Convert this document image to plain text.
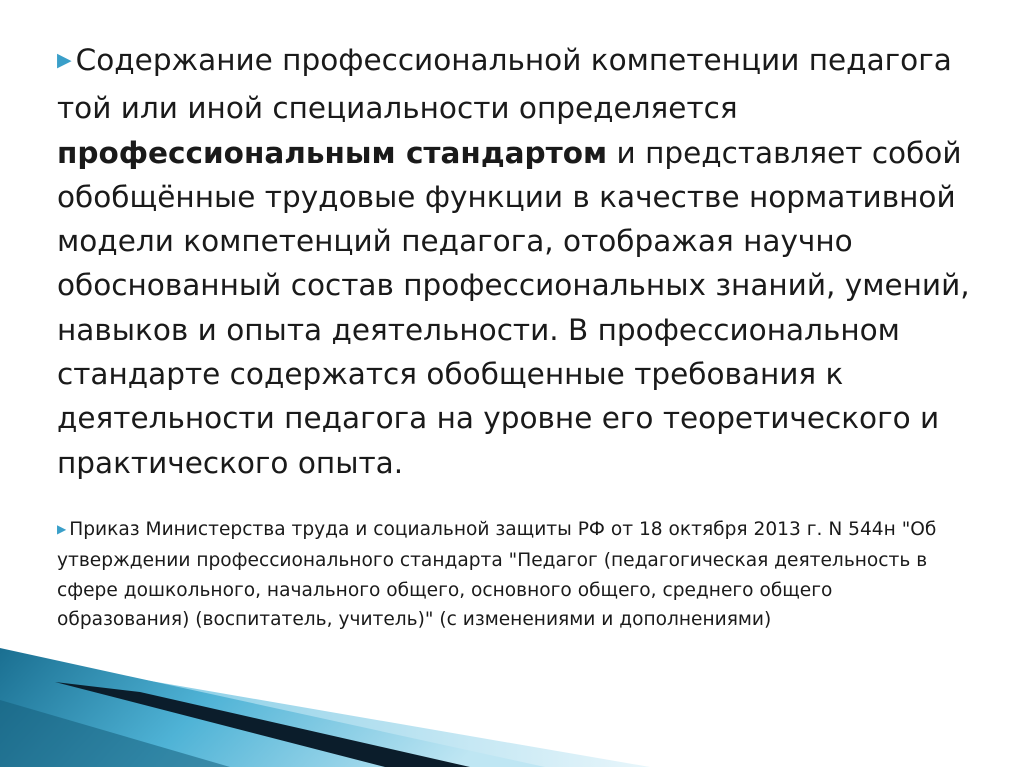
▶ Содержание профессиональной компетенции педагога той или иной специальности определяется профессиональным стандартом и представляет собой обобщённые трудовые функции в качестве нормативной модели компетенций педагога, отображая научно обоснованный состав профессиональных знаний, умений, навыков и опыта деятельности. В профессиональном стандарте содержатся обобщенные требования к деятельности педагога на уровне его теоретического и практического опыта.

▶ Приказ Министерства труда и социальной защиты РФ от 18 октября 2013 г. N 544н "Об утверждении профессионального стандарта "Педагог (педагогическая деятельность в сфере дошкольного, начального общего, основного общего, среднего общего образования) (воспитатель, учитель)" (с изменениями и дополнениями)
